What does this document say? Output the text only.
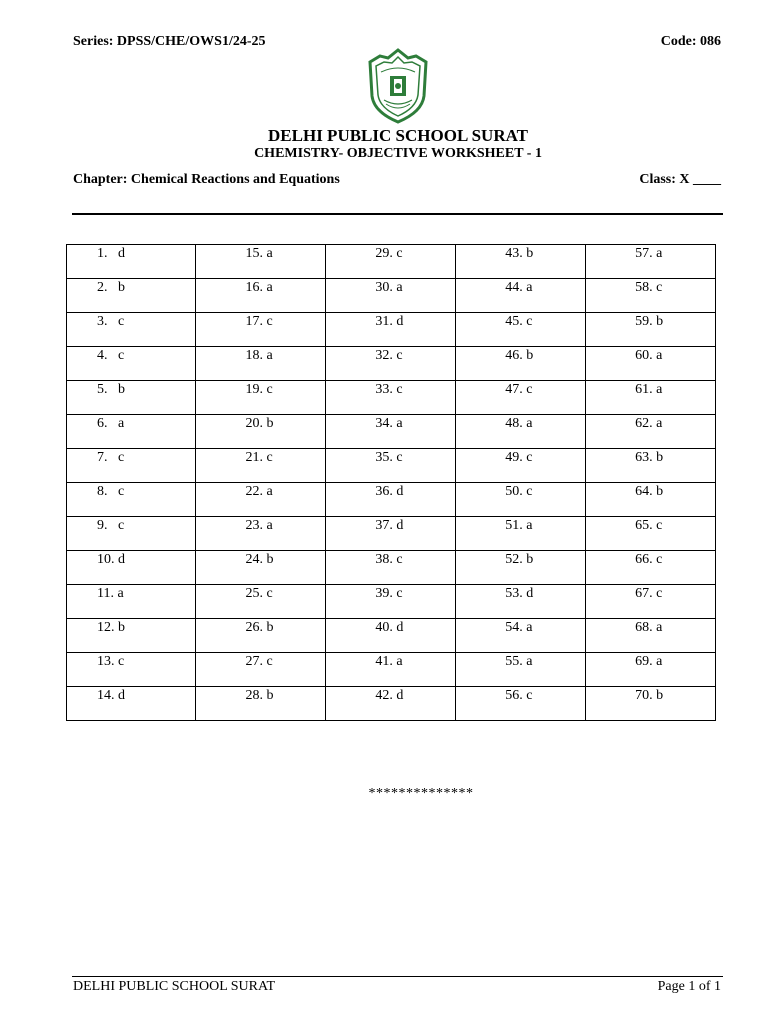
Series: DPSS/CHE/OWS1/24-25	Code: 086
DELHI PUBLIC SCHOOL SURAT
CHEMISTRY- OBJECTIVE WORKSHEET - 1
Chapter: Chemical Reactions and Equations	Class: X ____
1.   d	15. a	29. c	43. b	57. a

2.   b	16. a	30. a	44. a	58. c

3.   c	17. c	31. d	45. c	59. b

4.   c	18. a	32. c	46. b	60. a

5.   b	19. c	33. c	47. c	61. a

6.   a	20. b	34. a	48. a	62. a

7.   c	21. c	35. c	49. c	63. b

8.   c	22. a	36. d	50. c	64. b

9.   c	23. a	37. d	51. a	65. c

10. d	24. b	38. c	52. b	66. c

11. a	25. c	39. c	53. d	67. c

12. b	26. b	40. d	54. a	68. a

13. c	27. c	41. a	55. a	69. a

14. d	28. b	42. d	56. c	70. b
**************
DELHI PUBLIC SCHOOL SURAT	Page 1 of 1
